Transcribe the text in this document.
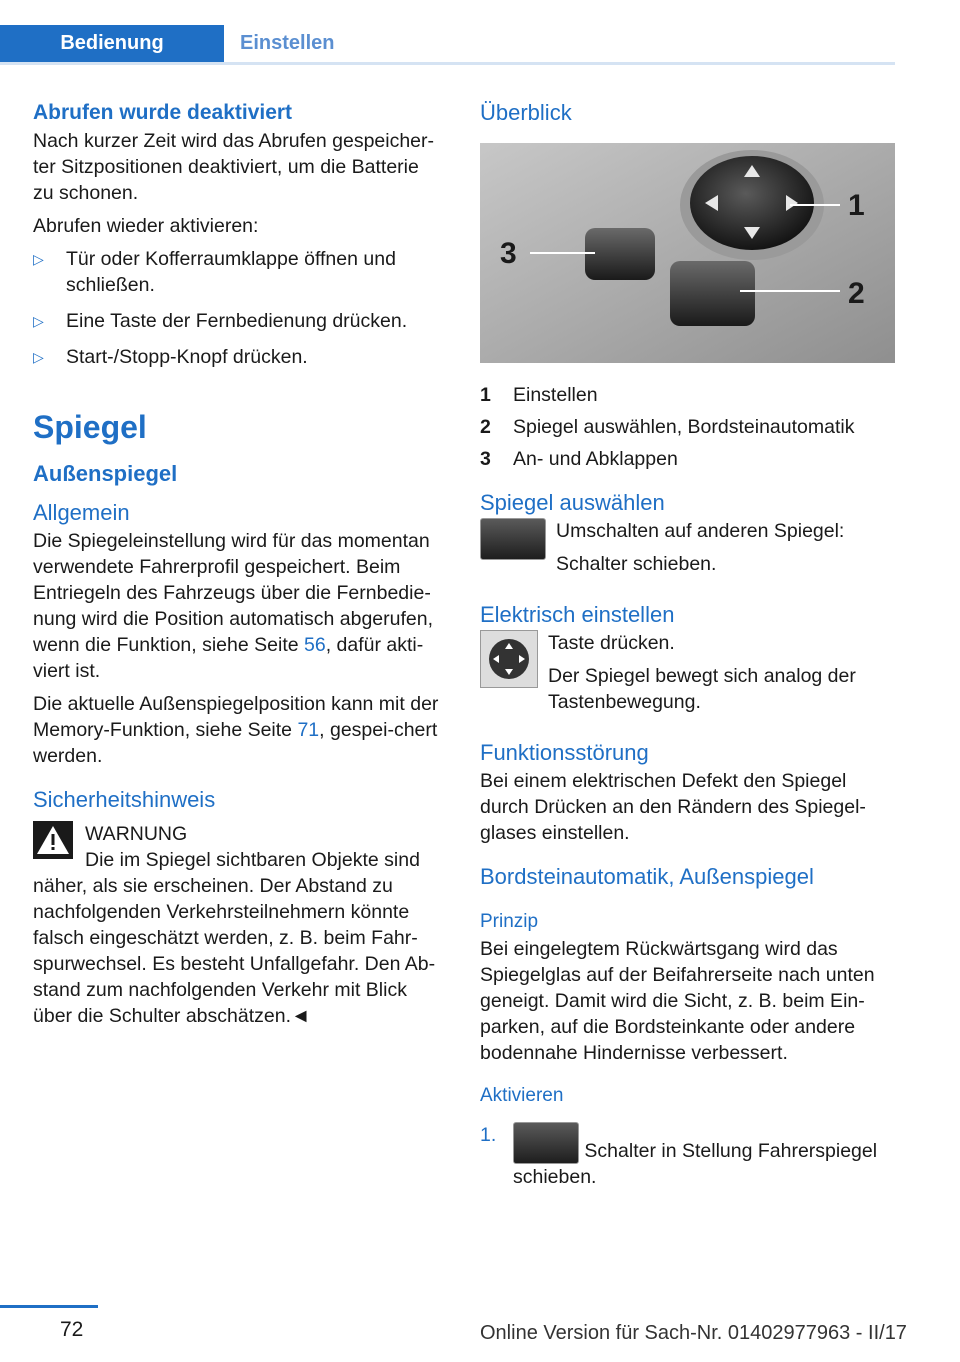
Bedienung	Einstellen
Abrufen wurde deaktiviert

Nach kurzer Zeit wird das Abrufen gespeicher-ter Sitzpositionen deaktiviert, um die Batterie zu schonen.

Abrufen wieder aktivieren:

▷	Tür oder Kofferraumklappe öffnen und schließen.
▷	Eine Taste der Fernbedienung drücken.
▷	Start-/Stopp-Knopf drücken.
Spiegel
Außenspiegel
Allgemein

Die Spiegeleinstellung wird für das momentan verwendete Fahrerprofil gespeichert. Beim Entriegeln des Fahrzeugs über die Fernbedie-nung wird die Position automatisch abgerufen, wenn die Funktion, siehe Seite 56, dafür akti-viert ist.

Die aktuelle Außenspiegelposition kann mit der Memory-Funktion, siehe Seite 71, gespei-chert werden.

Sicherheitshinweis
WARNUNG
Die im Spiegel sichtbaren Objekte sind

näher, als sie erscheinen. Der Abstand zu nachfolgenden Verkehrsteilnehmern könnte falsch eingeschätzt werden, z. B. beim Fahr-spurwechsel. Es besteht Unfallgefahr. Den Ab-stand zum nachfolgenden Verkehr mit Blick über die Schulter abschätzen.◄

Überblick
1
2
3
1	Einstellen
2	Spiegel auswählen, Bordsteinautomatik
3	An- und Abklappen
Spiegel auswählen

Umschalten auf anderen Spiegel:

Schalter schieben.

Elektrisch einstellen

Taste drücken.

Der Spiegel bewegt sich analog der Tastenbewegung.

Funktionsstörung

Bei einem elektrischen Defekt den Spiegel durch Drücken an den Rändern des Spiegel-glases einstellen.

Bordsteinautomatik, Außenspiegel
Prinzip

Bei eingelegtem Rückwärtsgang wird das Spiegelglas auf der Beifahrerseite nach unten geneigt. Damit wird die Sicht, z. B. beim Ein-parken, auf die Bordsteinkante oder andere bodennahe Hindernisse verbessert.

Aktivieren
1.
Schalter in Stellung Fahrerspiegel schieben.
72	Online Version für Sach-Nr. 01402977963 - II/17
